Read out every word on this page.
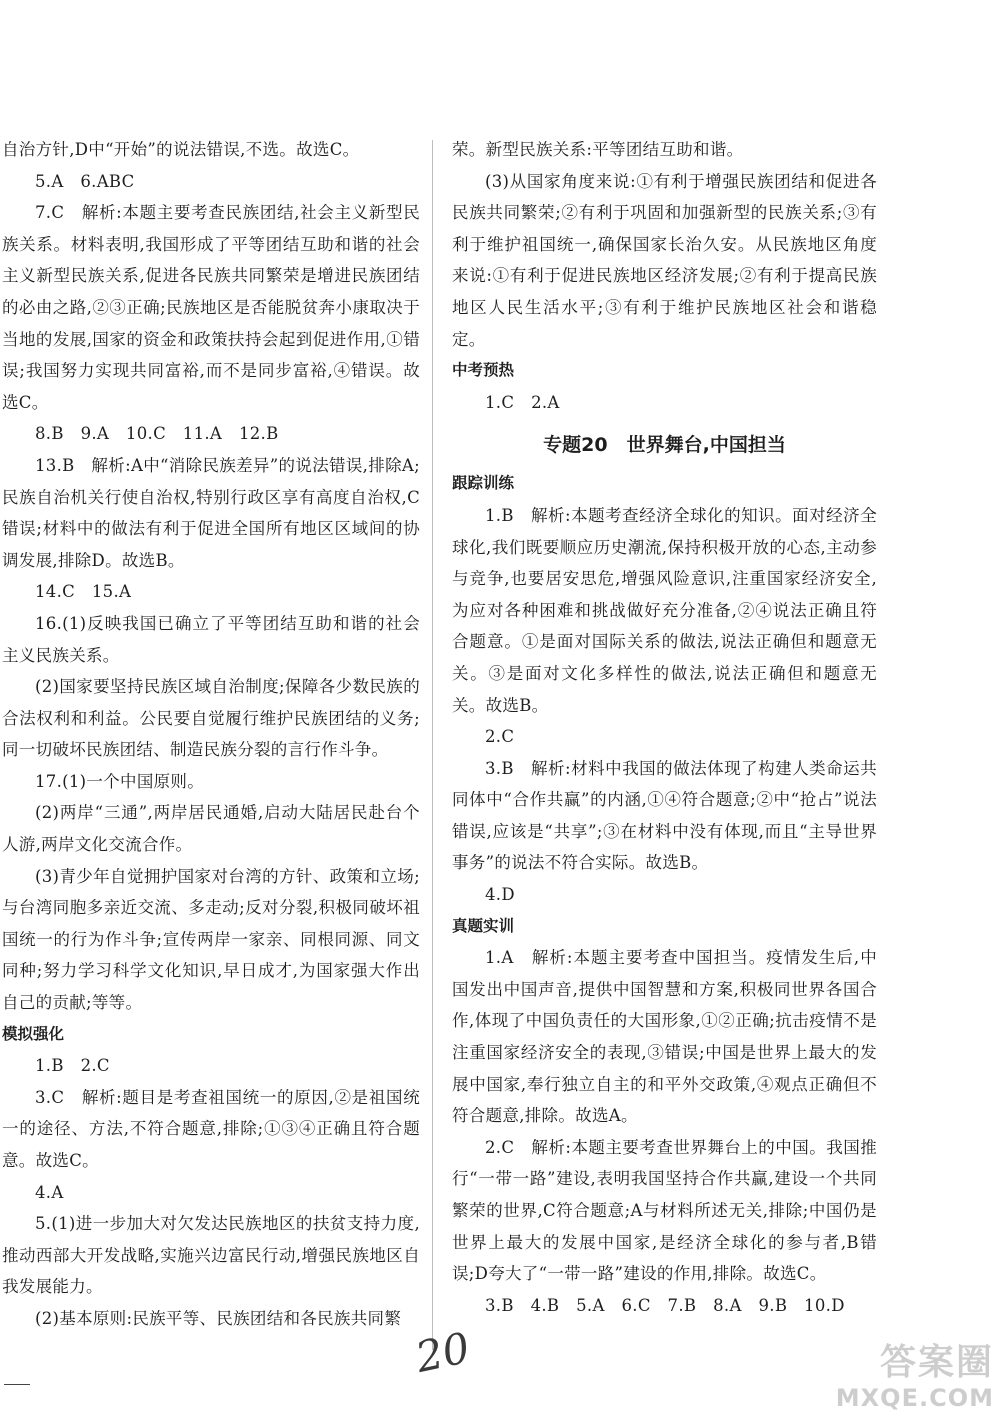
自治方针,D中“开始”的说法错误,不选。故选C。

5.A　6.ABC

7.C　解析:本题主要考查民族团结,社会主义新型民族关系。材料表明,我国形成了平等团结互助和谐的社会主义新型民族关系,促进各民族共同繁荣是增进民族团结的必由之路,②③正确;民族地区是否能脱贫奔小康取决于当地的发展,国家的资金和政策扶持会起到促进作用,①错误;我国努力实现共同富裕,而不是同步富裕,④错误。故选C。

8.B　9.A　10.C　11.A　12.B

13.B　解析:A中“消除民族差异”的说法错误,排除A;民族自治机关行使自治权,特别行政区享有高度自治权,C错误;材料中的做法有利于促进全国所有地区区域间的协调发展,排除D。故选B。

14.C　15.A

16.(1)反映我国已确立了平等团结互助和谐的社会主义民族关系。

(2)国家要坚持民族区域自治制度;保障各少数民族的合法权利和利益。公民要自觉履行维护民族团结的义务;同一切破坏民族团结、制造民族分裂的言行作斗争。

17.(1)一个中国原则。

(2)两岸“三通”,两岸居民通婚,启动大陆居民赴台个人游,两岸文化交流合作。

(3)青少年自觉拥护国家对台湾的方针、政策和立场;与台湾同胞多亲近交流、多走动;反对分裂,积极同破坏祖国统一的行为作斗争;宣传两岸一家亲、同根同源、同文同种;努力学习科学文化知识,早日成才,为国家强大作出自己的贡献;等等。

模拟强化

1.B　2.C

3.C　解析:题目是考查祖国统一的原因,②是祖国统一的途径、方法,不符合题意,排除;①③④正确且符合题意。故选C。

4.A

5.(1)进一步加大对欠发达民族地区的扶贫支持力度,推动西部大开发战略,实施兴边富民行动,增强民族地区自我发展能力。

(2)基本原则:民族平等、民族团结和各民族共同繁

荣。新型民族关系:平等团结互助和谐。

(3)从国家角度来说:①有利于增强民族团结和促进各民族共同繁荣;②有利于巩固和加强新型的民族关系;③有利于维护祖国统一,确保国家长治久安。从民族地区角度来说:①有利于促进民族地区经济发展;②有利于提高民族地区人民生活水平;③有利于维护民族地区社会和谐稳定。

中考预热

1.C　2.A

专题20　世界舞台,中国担当

跟踪训练

1.B　解析:本题考查经济全球化的知识。面对经济全球化,我们既要顺应历史潮流,保持积极开放的心态,主动参与竞争,也要居安思危,增强风险意识,注重国家经济安全,为应对各种困难和挑战做好充分准备,②④说法正确且符合题意。①是面对国际关系的做法,说法正确但和题意无关。③是面对文化多样性的做法,说法正确但和题意无关。故选B。

2.C

3.B　解析:材料中我国的做法体现了构建人类命运共同体中“合作共赢”的内涵,①④符合题意;②中“抢占”说法错误,应该是“共享”;③在材料中没有体现,而且“主导世界事务”的说法不符合实际。故选B。

4.D

真题实训

1.A　解析:本题主要考查中国担当。疫情发生后,中国发出中国声音,提供中国智慧和方案,积极同世界各国合作,体现了中国负责任的大国形象,①②正确;抗击疫情不是注重国家经济安全的表现,③错误;中国是世界上最大的发展中国家,奉行独立自主的和平外交政策,④观点正确但不符合题意,排除。故选A。

2.C　解析:本题主要考查世界舞台上的中国。我国推行“一带一路”建设,表明我国坚持合作共赢,建设一个共同繁荣的世界,C符合题意;A与材料所述无关,排除;中国仍是世界上最大的发展中国家,是经济全球化的参与者,B错误;D夸大了“一带一路”建设的作用,排除。故选C。

3.B　4.B　5.A　6.C　7.B　8.A　9.B　10.D

20	答案圈
MXQE.COM
